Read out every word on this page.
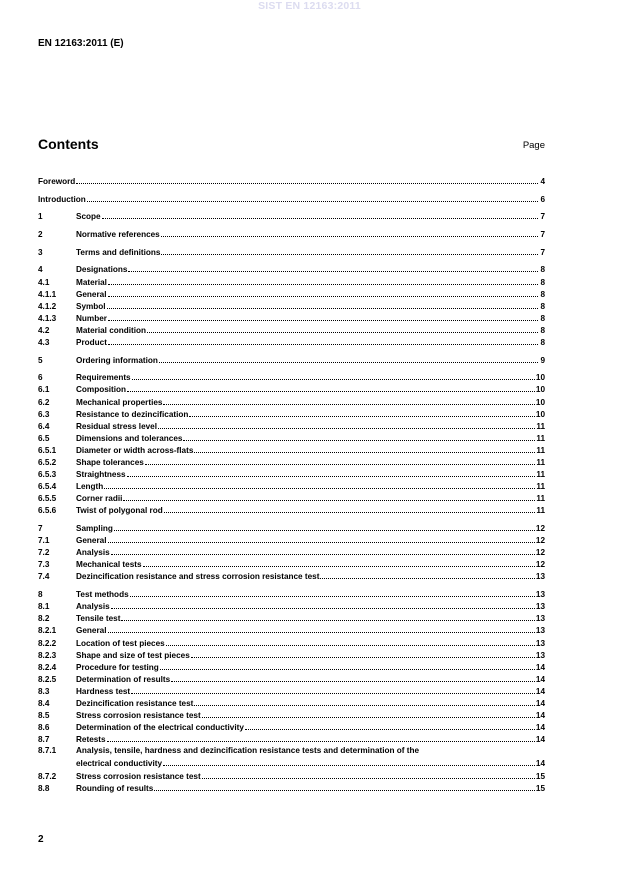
SIST EN 12163:2011
EN 12163:2011 (E)
Contents	Page
Foreword	4
Introduction	6
1	Scope	7
2	Normative references	7
3	Terms and definitions	7
4	Designations	8
4.1	Material	8
4.1.1	General	8
4.1.2	Symbol	8
4.1.3	Number	8
4.2	Material condition	8
4.3	Product	8
5	Ordering information	9
6	Requirements	10
6.1	Composition	10
6.2	Mechanical properties	10
6.3	Resistance to dezincification	10
6.4	Residual stress level	11
6.5	Dimensions and tolerances	11
6.5.1	Diameter or width across-flats	11
6.5.2	Shape tolerances	11
6.5.3	Straightness	11
6.5.4	Length	11
6.5.5	Corner radii	11
6.5.6	Twist of polygonal rod	11
7	Sampling	12
7.1	General	12
7.2	Analysis	12
7.3	Mechanical tests	12
7.4	Dezincification resistance and stress corrosion resistance test	13
8	Test methods	13
8.1	Analysis	13
8.2	Tensile test	13
8.2.1	General	13
8.2.2	Location of test pieces	13
8.2.3	Shape and size of test pieces	13
8.2.4	Procedure for testing	14
8.2.5	Determination of results	14
8.3	Hardness test	14
8.4	Dezincification resistance test	14
8.5	Stress corrosion resistance test	14
8.6	Determination of the electrical conductivity	14
8.7	Retests	14
8.7.1	Analysis, tensile, hardness and dezincification resistance tests and determination of the
electrical conductivity	14
8.7.2	Stress corrosion resistance test	15
8.8	Rounding of results	15
2
